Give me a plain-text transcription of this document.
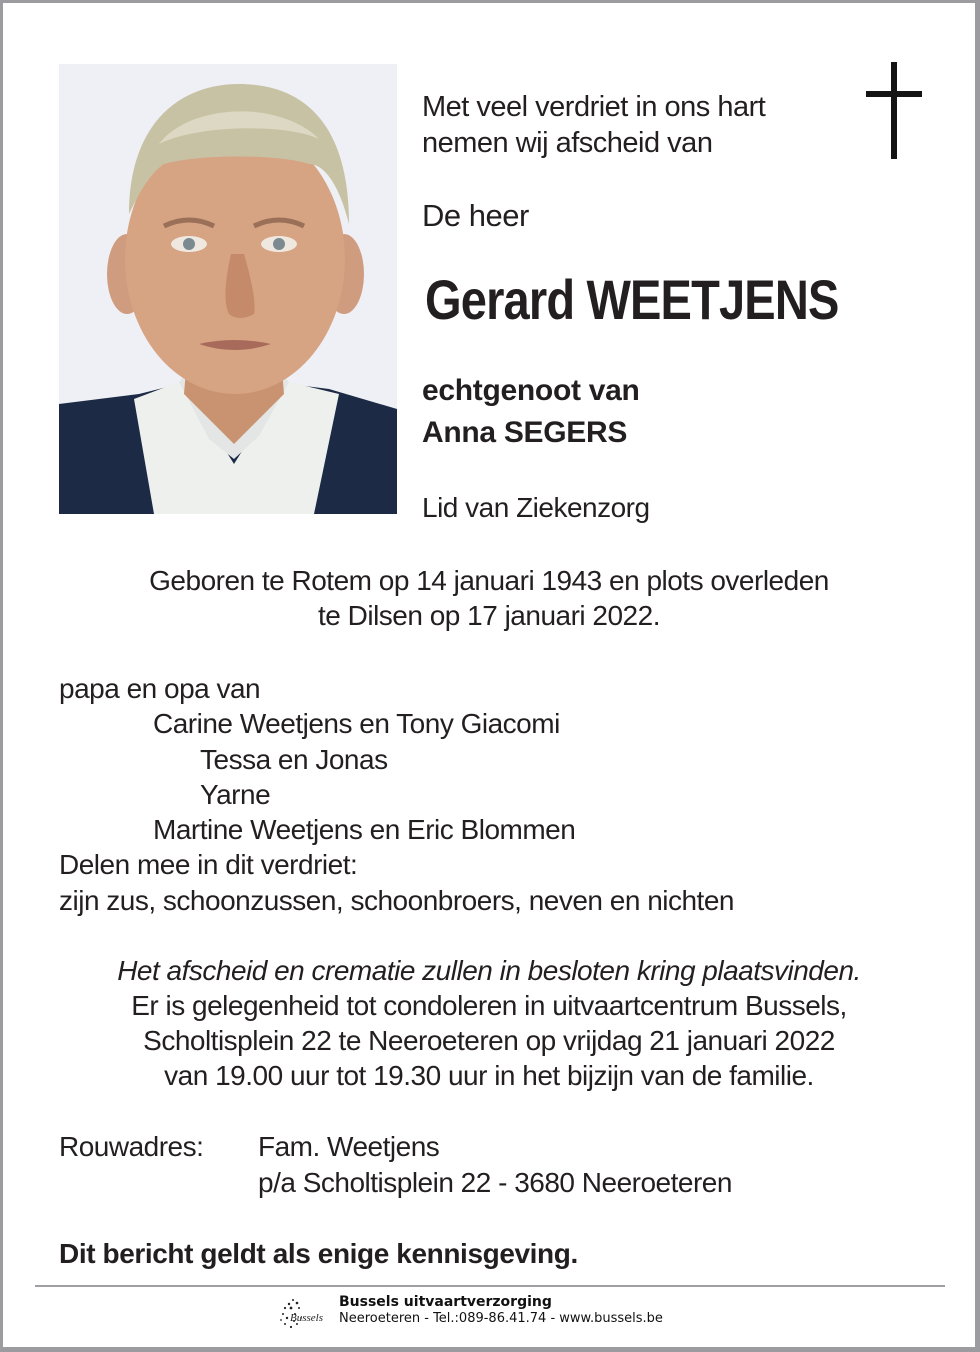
Met veel verdriet in ons hart
nemen wij afscheid van
De heer
Gerard WEETJENS
echtgenoot van
Anna SEGERS
Lid van Ziekenzorg
Geboren te Rotem op 14 januari 1943 en plots overleden
te Dilsen op 17 januari 2022.
papa en opa van
Carine Weetjens en Tony Giacomi
Tessa en Jonas
Yarne
Martine Weetjens en Eric Blommen
Delen mee in dit verdriet:
zijn zus, schoonzussen, schoonbroers, neven en nichten
Het afscheid en crematie zullen in besloten kring plaatsvinden.
Er is gelegenheid tot condoleren in uitvaartcentrum Bussels,
Scholtisplein 22 te Neeroeteren op vrijdag 21 januari 2022
van 19.00 uur tot 19.30 uur in het bijzijn van de familie.
Rouwadres: Fam. Weetjens
p/a Scholtisplein 22 - 3680 Neeroeteren
Dit bericht geldt als enige kennisgeving.
Bussels
Bussels uitvaartverzorging
Neeroeteren - Tel.:089-86.41.74 - www.bussels.be
